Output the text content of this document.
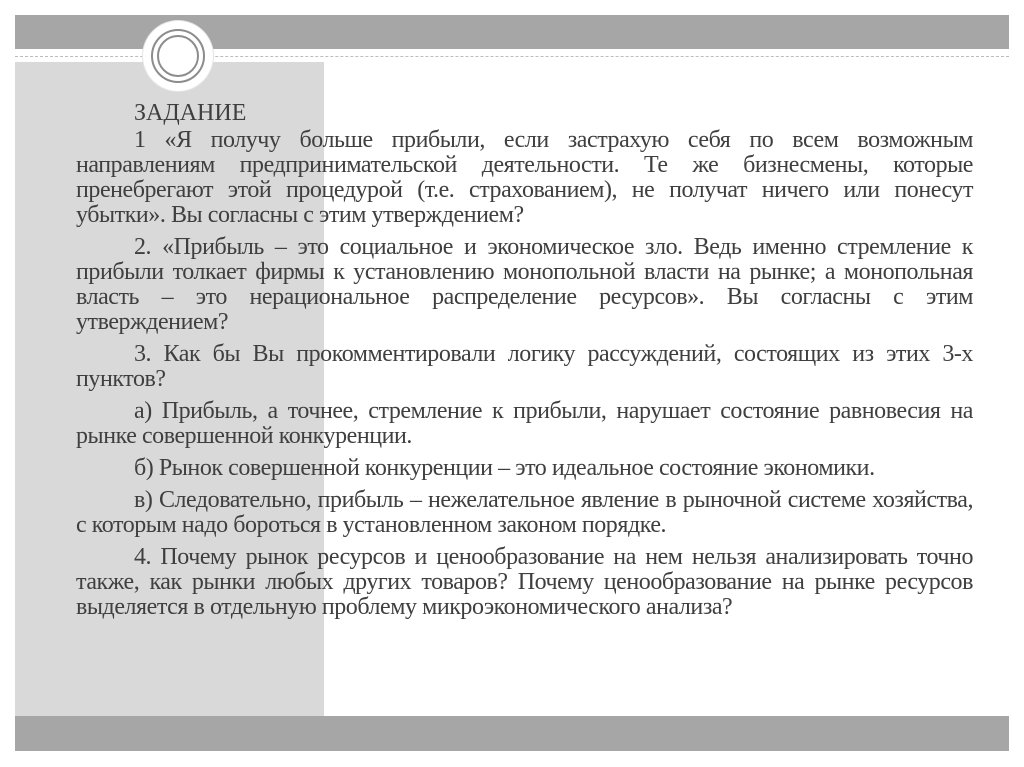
ЗАДАНИЕ

1 «Я получу больше прибыли, если застрахую себя по всем возможным направлениям предпринимательской деятельности. Те же бизнесмены, которые пренебрегают этой процедурой (т.е. страхованием), не получат ничего или понесут убытки». Вы согласны с этим утверждением?

2. «Прибыль – это социальное и экономическое зло. Ведь именно стремление к прибыли толкает фирмы к установлению монопольной власти на рынке; а монопольная власть – это нерациональное распределение ресурсов». Вы согласны с этим утверждением?

3. Как бы Вы прокомментировали логику рассуждений, состоящих из этих 3-х пунктов?

а) Прибыль, а точнее, стремление к прибыли, нарушает состояние равновесия на рынке совершенной конкуренции.

б) Рынок совершенной конкуренции – это идеальное состояние экономики.

в) Следовательно, прибыль – нежелательное явление в рыночной системе хозяйства, с которым надо бороться в установленном законом порядке.

4. Почему рынок ресурсов и ценообразование на нем нельзя анализировать точно также, как рынки любых других товаров? Почему ценообразование на рынке ресурсов выделяется в отдельную проблему микроэкономического анализа?
